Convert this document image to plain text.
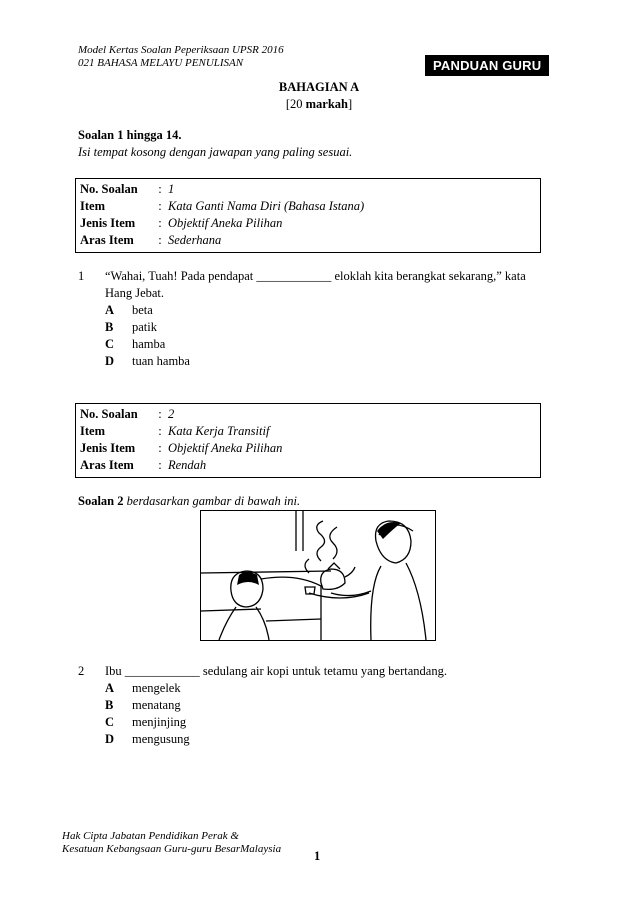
Model Kertas Soalan Peperiksaan UPSR 2016
021 BAHASA MELAYU PENULISAN	PANDUAN GURU
BAHAGIAN A
[20 markah]
Soalan 1 hingga 14.
Isi tempat kosong dengan jawapan yang paling sesuai.
No. Soalan	: 1
Item	: Kata Ganti Nama Diri (Bahasa Istana)
Jenis Item	: Objektif Aneka Pilihan
Aras Item	: Sederhana
1 “Wahai, Tuah! Pada pendapat ____________ eloklah kita berangkat sekarang,” kata
Hang Jebat.
A	beta
B	patik
C	hamba
D	tuan hamba
No. Soalan	: 2
Item	: Kata Kerja Transitif
Jenis Item	: Objektif Aneka Pilihan
Aras Item	: Rendah
Soalan 2 berdasarkan gambar di bawah ini.
2 Ibu ____________ sedulang air kopi untuk tetamu yang bertandang.
A	mengelek
B	menatang
C	menjinjing
D	mengusung
Hak Cipta Jabatan Pendidikan Perak &
Kesatuan Kebangsaan Guru-guru BesarMalaysia	1
